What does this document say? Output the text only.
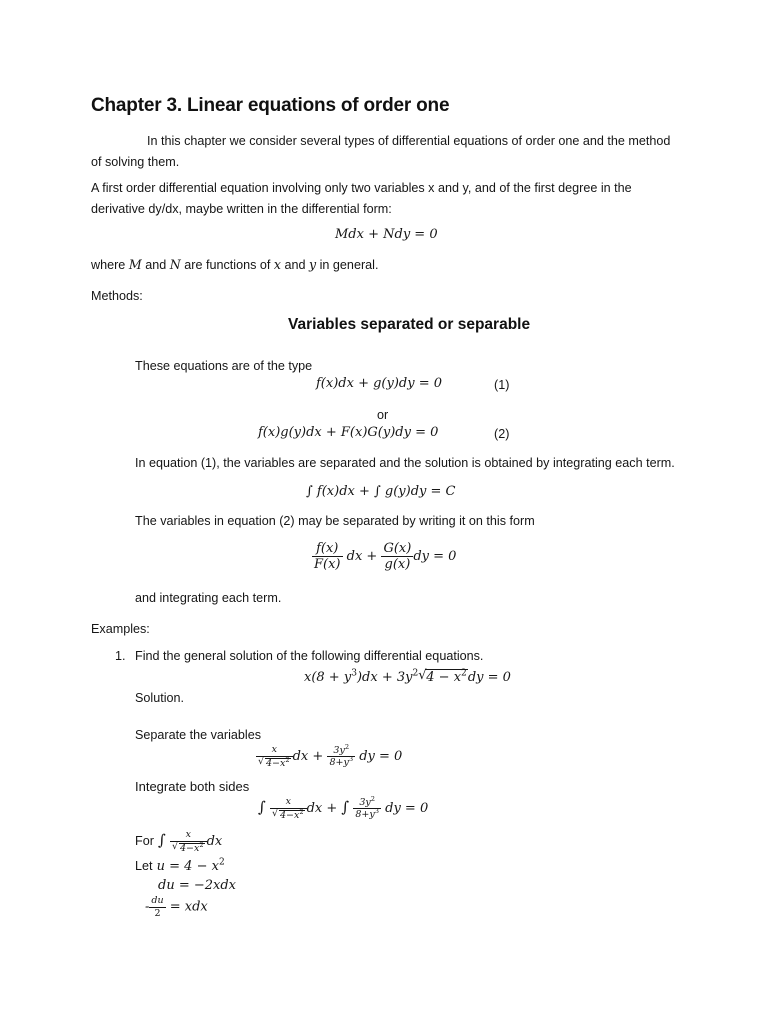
Chapter 3. Linear equations of order one
In this chapter we consider several types of differential equations of order one and the method of solving them.
A first order differential equation involving only two variables x and y, and of the first degree in the derivative dy/dx, maybe written in the differential form:
Mdx + Ndy = 0
where M and N are functions of x and y in general.
Methods:
Variables separated or separable
These equations are of the type
f(x)dx + g(y)dy = 0	(1)
or
f(x)g(y)dx + F(x)G(y)dy = 0	(2)
In equation (1), the variables are separated and the solution is obtained by integrating each term.
∫ f(x)dx + ∫ g(y)dy = C
The variables in equation (2) may be separated by writing it on this form
$\frac{f(x)}{F(x)}$ dx + $\frac{G(x)}{g(x)}$ dy = 0
and integrating each term.
Examples:
1. Find the general solution of the following differential equations.
$x(8 + y^3)dx + 3y^2$ √ $4 - x^2dy = 0$
Solution.
Separate the variables
$\frac{x}{√ 4-x^2}$ dx + $\frac{3y^2}{8+y^3}$ dy = 0
Integrate both sides
∫ $\frac{x}{√ 4-x^2}$ dx + ∫ $\frac{3y^2}{8+y^3}$ dy = 0
For ∫ $\frac{x}{√ 4-x^2}$ dx
Let $u = 4 - x^2$
du = −2xdx
- $\frac{du}{2}$ = xdx
